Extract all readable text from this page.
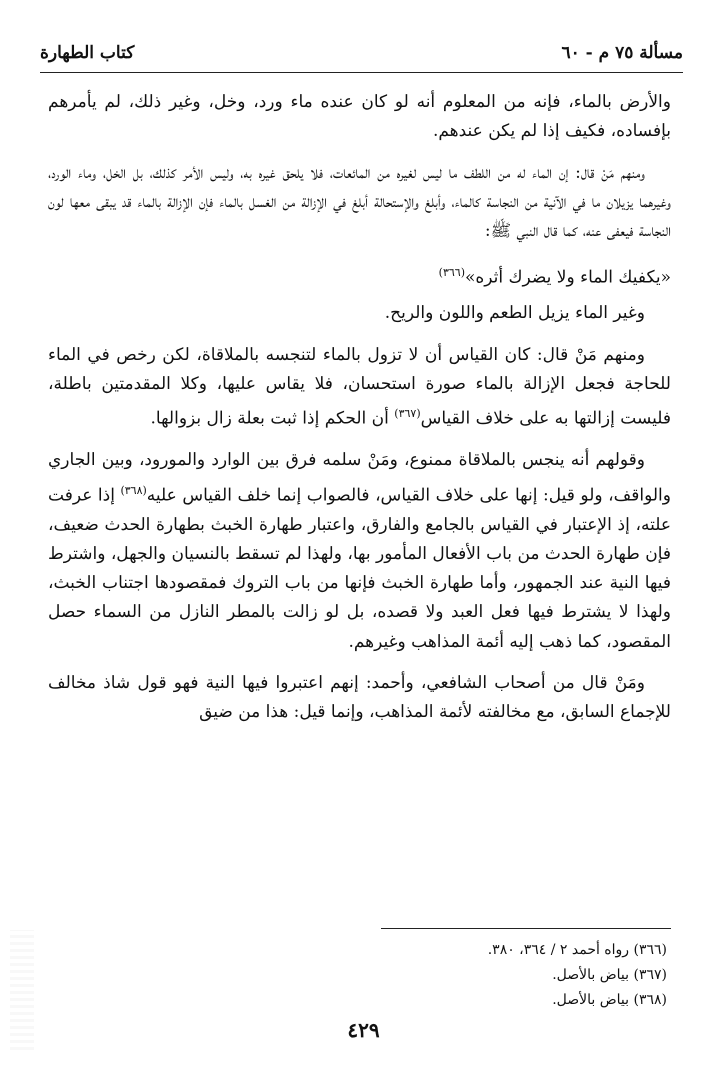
مسألة ٧٥ م - ٦٠
كتاب الطهارة

والأرض بالماء، فإنه من المعلوم أنه لو كان عنده ماء ورد، وخل، وغير ذلك، لم يأمرهم بإفساده، فكيف إذا لم يكن عندهم.

ومنهم مَنْ قال: إن الماء له من اللطف ما ليس لغيره من المائعات، فلا يلحق غيره به، وليس الأمر كذلك، بل الخل، وماء الورد، وغيرهما يزيلان ما في الآنية من النجاسة كالماء، وأبلغ والإستحالة أبلغ في الإزالة من الغسل بالماء فإن الإزالة بالماء قد يبقى معها لون النجاسة فيعفى عنه، كما قال النبي ﷺ:

«يكفيك الماء ولا يضرك أثره»$^{(٣٦٦)}$

وغير الماء يزيل الطعم واللون والريح.

ومنهم مَنْ قال: كان القياس أن لا تزول بالماء لتنجسه بالملاقاة، لكن رخص في الماء للحاجة فجعل الإزالة بالماء صورة استحسان، فلا يقاس عليها، وكلا المقدمتين باطلة، فليست إزالتها به على خلاف القياس$^{(٣٦٧)}$ أن الحكم إذا ثبت بعلة زال بزوالها.

وقولهم أنه ينجس بالملاقاة ممنوع، ومَنْ سلمه فرق بين الوارد والمورود، وبين الجاري والواقف، ولو قيل: إنها على خلاف القياس، فالصواب إنما خلف القياس عليه$^{(٣٦٨)}$ إذا عرفت علته، إذ الإعتبار في القياس بالجامع والفارق، واعتبار طهارة الخبث بطهارة الحدث ضعيف، فإن طهارة الحدث من باب الأفعال المأمور بها، ولهذا لم تسقط بالنسيان والجهل، واشترط فيها النية عند الجمهور، وأما طهارة الخبث فإنها من باب التروك فمقصودها اجتناب الخبث، ولهذا لا يشترط فيها فعل العبد ولا قصده، بل لو زالت بالمطر النازل من السماء حصل المقصود، كما ذهب إليه أئمة المذاهب وغيرهم.

ومَنْ قال من أصحاب الشافعي، وأحمد: إنهم اعتبروا فيها النية فهو قول شاذ مخالف للإجماع السابق، مع مخالفته لأئمة المذاهب، وإنما قيل: هذا من ضيق

(٣٦٦) رواه أحمد ٢ / ٣٦٤، ٣٨٠.
(٣٦٧) بياض بالأصل.
(٣٦٨) بياض بالأصل.
٤٢٩
